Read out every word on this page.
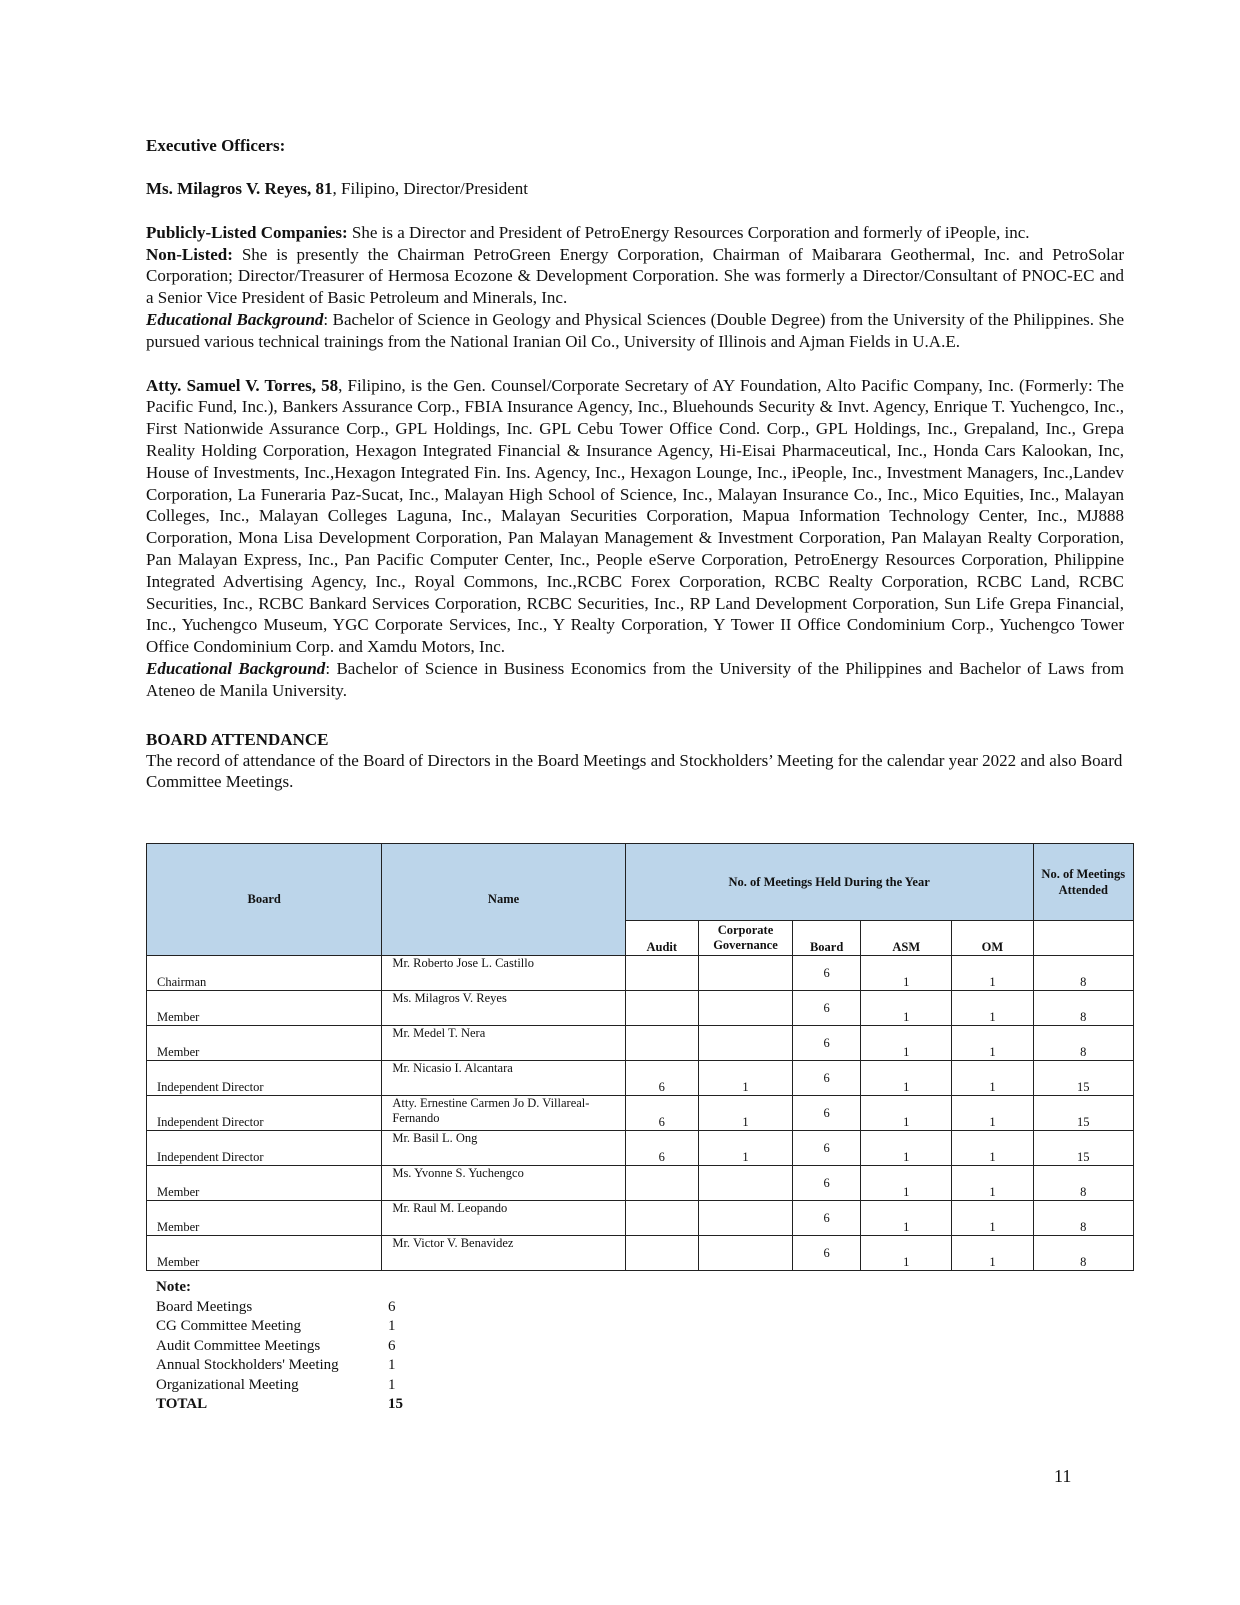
Executive Officers:

Ms. Milagros V. Reyes, 81, Filipino, Director/President

Publicly-Listed Companies: She is a Director and President of PetroEnergy Resources Corporation and formerly of iPeople, inc.

Non-Listed: She is presently the Chairman PetroGreen Energy Corporation, Chairman of Maibarara Geothermal, Inc. and PetroSolar Corporation; Director/Treasurer of Hermosa Ecozone & Development Corporation. She was formerly a Director/Consultant of PNOC-EC and a Senior Vice President of Basic Petroleum and Minerals, Inc.

Educational Background: Bachelor of Science in Geology and Physical Sciences (Double Degree) from the University of the Philippines. She pursued various technical trainings from the National Iranian Oil Co., University of Illinois and Ajman Fields in U.A.E.

Atty. Samuel V. Torres, 58, Filipino, is the Gen. Counsel/Corporate Secretary of AY Foundation, Alto Pacific Company, Inc. (Formerly: The Pacific Fund, Inc.), Bankers Assurance Corp., FBIA Insurance Agency, Inc., Bluehounds Security & Invt. Agency, Enrique T. Yuchengco, Inc., First Nationwide Assurance Corp., GPL Holdings, Inc. GPL Cebu Tower Office Cond. Corp., GPL Holdings, Inc., Grepaland, Inc., Grepa Reality Holding Corporation, Hexagon Integrated Financial & Insurance Agency, Hi-Eisai Pharmaceutical, Inc., Honda Cars Kalookan, Inc, House of Investments, Inc.,Hexagon Integrated Fin. Ins. Agency, Inc., Hexagon Lounge, Inc., iPeople, Inc., Investment Managers, Inc.,Landev Corporation, La Funeraria Paz-Sucat, Inc., Malayan High School of Science, Inc., Malayan Insurance Co., Inc., Mico Equities, Inc., Malayan Colleges, Inc., Malayan Colleges Laguna, Inc., Malayan Securities Corporation, Mapua Information Technology Center, Inc., MJ888 Corporation, Mona Lisa Development Corporation, Pan Malayan Management & Investment Corporation, Pan Malayan Realty Corporation, Pan Malayan Express, Inc., Pan Pacific Computer Center, Inc., People eServe Corporation, PetroEnergy Resources Corporation, Philippine Integrated Advertising Agency, Inc., Royal Commons, Inc.,RCBC Forex Corporation, RCBC Realty Corporation, RCBC Land, RCBC Securities, Inc., RCBC Bankard Services Corporation, RCBC Securities, Inc., RP Land Development Corporation, Sun Life Grepa Financial, Inc., Yuchengco Museum, YGC Corporate Services, Inc., Y Realty Corporation, Y Tower II Office Condominium Corp., Yuchengco Tower Office Condominium Corp. and Xamdu Motors, Inc.

Educational Background: Bachelor of Science in Business Economics from the University of the Philippines and Bachelor of Laws from Ateneo de Manila University.

BOARD ATTENDANCE

The record of attendance of the Board of Directors in the Board Meetings and Stockholders’ Meeting for the calendar year 2022 and also Board Committee Meetings.

Board	Name	No. of Meetings Held During the Year					No. of Meetings Attended
		Audit	Corporate Governance	Board	ASM	OM	
Chairman	Mr. Roberto Jose L. Castillo			6	1	1	8
Member	Ms. Milagros V. Reyes			6	1	1	8
Member	Mr. Medel T. Nera			6	1	1	8
Independent Director	Mr. Nicasio I. Alcantara	6	1	6	1	1	15
Independent Director	Atty. Ernestine Carmen Jo D. Villareal-Fernando	6	1	6	1	1	15
Independent Director	Mr. Basil L. Ong	6	1	6	1	1	15
Member	Ms. Yvonne S. Yuchengco			6	1	1	8
Member	Mr. Raul M. Leopando			6	1	1	8
Member	Mr. Victor V. Benavidez			6	1	1	8
Note:
Board Meetings	6
CG Committee Meeting	1
Audit Committee Meetings	6
Annual Stockholders' Meeting	1
Organizational Meeting	1
TOTAL	15
11
